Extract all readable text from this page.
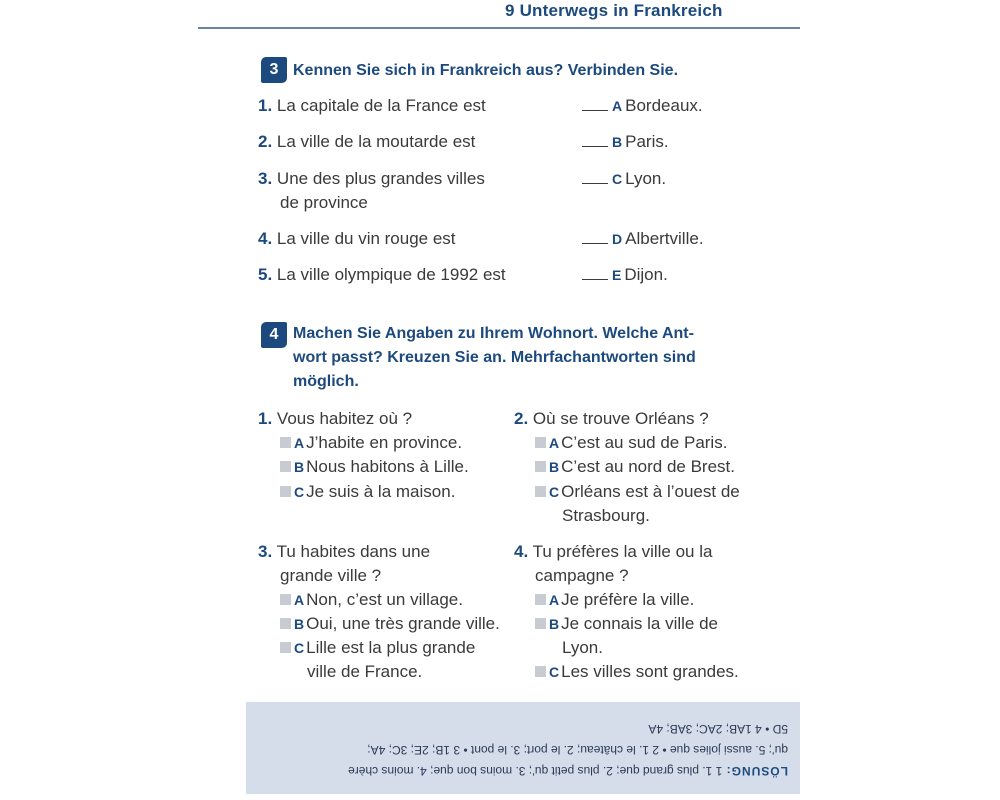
9 Unterwegs in Frankreich
3 Kennen Sie sich in Frankreich aus? Verbinden Sie.
1. La capitale de la France est
2. La ville de la moutarde est
3. Une des plus grandes villes
de province
4. La ville du vin rouge est
5. La ville olympique de 1992 est
A Bordeaux.
B Paris.
C Lyon.
D Albertville.
E Dijon.
4 Machen Sie Angaben zu Ihrem Wohnort. Welche Ant-
wort passt? Kreuzen Sie an. Mehrfachantworten sind
möglich.
1. Vous habitez où ?
A J’habite en province.
B Nous habitons à Lille.
C Je suis à la maison.
2. Où se trouve Orléans ?
A C’est au sud de Paris.
B C’est au nord de Brest.
C Orléans est à l’ouest de
Strasbourg.
3. Tu habites dans une
grande ville ?
A Non, c’est un village.
B Oui, une très grande ville.
C Lille est la plus grande
ville de France.
4. Tu préfères la ville ou la
campagne ?
A Je préfère la ville.
B Je connais la ville de
Lyon.
C Les villes sont grandes.
LÖSUNG: 1 1. plus grand que; 2. plus petit qu’; 3. moins bon que; 4. moins chère
qu’; 5. aussi jolies que • 2 1. le château; 2. le port; 3. le pont • 3 1B; 2E; 3C; 4A;
5D • 4 1AB; 2AC; 3AB; 4A
